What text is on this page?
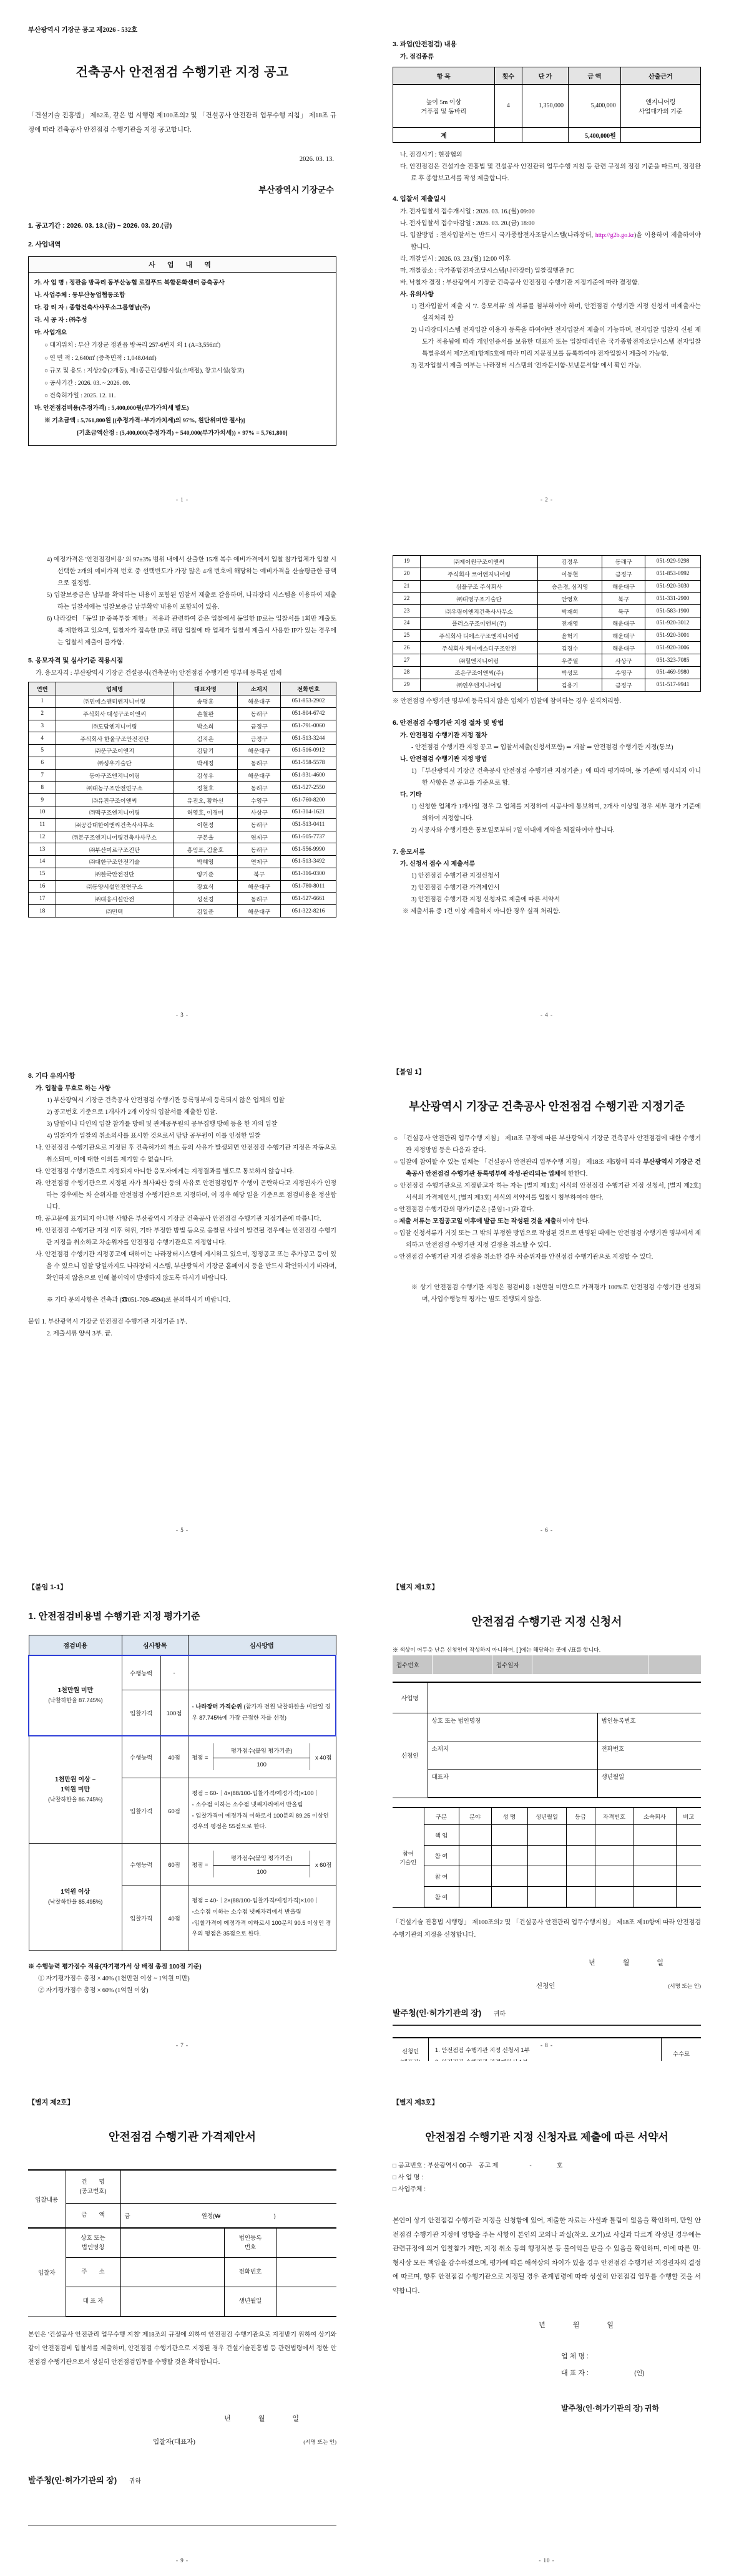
부산광역시 기장군 공고 제2026 - 532호
건축공사 안전점검 수행기관 지정 공고
「건설기술 진흥법」 제62조, 같은 법 시행령 제100조의2 및 「건설공사 안전관리 업무수행 지침」 제18조 규정에 따라 건축공사 안전점검 수행기관을 지정 공고합니다.
2026. 03. 13.
부산광역시 기장군수
1. 공고기간 : 2026. 03. 13.(금) ~ 2026. 03. 20.(금)
2. 사업내역
사 업 내 역
가. 사 업 명 : 정관읍 방곡리 동부산농협 로컬푸드 복합문화센터 증축공사
나. 사업주체 : 동부산농업협동조합
다. 감 리 자 : 종합건축사사무소그룹영남(주)
라. 시 공 자 : ㈜추성
마. 사업개요
○ 대지위치 : 부산 기장군 정관읍 방곡리 257-6번지 외 1 (A=3,556㎡)
○ 연 면 적 : 2,640㎡ (증축면적 : 1,048.04㎡)
○ 규모 및 용도 : 지상2층(2개동), 제1종근린생활시설(소매점), 창고시설(창고)
○ 공사기간 : 2026. 03. ~ 2026. 09.
○ 건축허가일 : 2025. 12. 11.
바. 안전점검비용(추정가격) : 5,400,000원(부가가치세 별도)
※ 기초금액 : 5,761,800원 [(추정가격+부가가치세)의 97%, 원단위미만 절사)]
[기초금액산정 : (5,400,000(추정가격) + 540,000(부가가치세)) × 97% = 5,761,800]
- 1 -
3. 과업(안전점검) 내용
가. 점검종류
항 목	횟수	단 가	금 액	산출근거

높이 5m 이상
거푸집 및 동바리
	4	1,350,000	5,400,000	엔지니어링
사업대가의 기준

계			5,400,000원	
나. 점검시기 : 현장협의
다. 안전점검은 건설기술 진흥법 및 건설공사 안전관리 업무수행 지침 등 관련 규정의 점검 기준을 따르며, 점검완료 후 종합보고서를 작성 제출합니다.
4. 입찰서 제출일시
가. 전자입찰서 접수개시일 : 2026. 03. 16.(월) 09:00
나. 전자입찰서 접수마감일 : 2026. 03. 20.(금) 18:00
다. 입찰방법 : 전자입찰서는 반드시 국가종합전자조달시스템(나라장터, http://g2b.go.kr)을 이용하여 제출하여야 합니다.
라. 개찰일시 : 2026. 03. 23.(월) 12:00 이후
마. 개찰장소 : 국가종합전자조달시스템(나라장터) 입찰집행관 PC
바. 낙찰자 결정 : 부산광역시 기장군 건축공사 안전점검 수행기관 지정기준에 따라 결정함.
사. 유의사항
1) 전자입찰서 제출 시 '7. 응모서류' 의 서류를 첨부하여야 하며, 안전점검 수행기관 지정 신청서 미제출자는 실격처리 함
2) 나라장터시스템 전자입찰 이용자 등록을 하여야만 전자입찰서 제출이 가능하며, 전자입찰 입찰자 신원 제도가 적용됨에 따라 개인인증서를 보유한 대표자 또는 입찰대리인은 국가종합전자조달시스템 전자입찰특별유의서 제7조제1항제5호에 따라 미리 지문정보를 등록하여야 전자입찰서 제출이 가능함.
3) 전자입찰서 제출 여부는 나라장터 시스템의 '전자문서함-보낸문서함' 에서 확인 가능.
- 2 -
4) 예정가격은 '안전점검비용' 의 97±3% 범위 내에서 산출한 15개 복수 예비가격에서 입찰 참가업체가 입찰 시 선택한 2개의 예비가격 번호 중 선택빈도가 가장 많은 4개 번호에 해당하는 예비가격을 산술평균한 금액으로 결정됨.
5) 입찰보증금은 납부를 확약하는 내용이 포함된 입찰서 제출로 갈음하며, 나라장터 시스템을 이용하여 제출하는 입찰서에는 입찰보증금 납부확약 내용이 포함되어 있음.
6) 나라장터 「동일 IP 중복투찰 제한」 적용과 관련하여 같은 입찰에서 동일한 IP로는 입찰서를 1회만 제출토록 제한하고 있으며, 입찰자가 접속한 IP로 해당 입찰에 타 업체가 입찰서 제출시 사용한 IP가 있는 경우에는 입찰서 제출이 불가함.
5. 응모자격 및 심사기준 적용시점
가. 응모자격 : 부산광역시 기장군 건설공사(건축분야) 안전점검 수행기관 명부에 등록된 업체
연번	업체명	대표자명	소재지	전화번호
1	㈜민에스앤티엔지니어링	송평훈	해운대구	051-853-2902
2	주식회사 대성구조이앤씨	손철완	동래구	051-804-6742
3	㈜도담엔지니어링	박소희	금정구	051-791-0060
4	주식회사 한울구조안전진단	김지은	금정구	051-513-3244
5	㈜문구조이엔지	김달기	해운대구	051-516-0912
6	㈜성우기술단	박세정	동래구	051-558-5578
7	동아구조엔지니어링	김성우	해운대구	051-931-4600
8	㈜대농구조안전연구소	정철호	동래구	051-527-2550
9	㈜유진구조이앤씨	유진오, 황하선	수영구	051-760-8200
10	㈜맥구조엔지니어링	허영호, 이경미	사상구	051-314-1621
11	㈜공감대한이앤씨건축사사무소	이현정	동래구	051-513-0411
12	㈜본구조엔지니어링건축사사무소	구본율	연제구	051-505-7737
13	㈜부산미르구조진단	홍임표, 김윤호	동래구	051-556-9990
14	㈜대한구조안전기술	박혜영	연제구	051-513-3492
15	㈜한국안전진단	양기준	북구	051-316-0300
16	㈜동양시설안전연구소	장효식	해운대구	051-780-8011
17	㈜대웅시설안전	성선경	동래구	051-527-6661
18	㈜민텍	김일준	해운대구	051-322-8216
- 3 -
19	㈜제이원구조이앤씨	김정우	동래구	051-929-9298
20	주식회사 코어엔지니어링	이동현	금정구	051-853-0992
21	심플구조 주식회사	승은경, 심지영	해운대구	051-920-3030
22	㈜대영구조기술단	안영호	북구	051-331-2900
23	㈜우림이엔지건축사사무소	박재희	북구	051-583-1900
24	플러스구조이앤씨(주)	전재영	해운대구	051-920-3012
25	주식회사 디에스구조엔지니어링	윤혁기	해운대구	051-920-3001
26	주식회사 케이에스디구조안전	김경수	해운대구	051-920-3006
27	㈜힐엔지니어링	우종열	사상구	051-323-7085
28	조은구조이앤씨(주)	박성모	수영구	051-469-9980
29	㈜연우엔지니어링	김용기	금정구	051-517-9941
※ 안전점검 수행기관 명부에 등록되지 않은 업체가 입찰에 참여하는 경우 실격처리함.
6. 안전점검 수행기관 지정 절차 및 방법
가. 안전점검 수행기관 지정 절차
- 안전점검 수행기관 지정 공고 ⇒ 입찰서제출(신청서포함) ⇒ 개찰 ⇒ 안전점검 수행기관 지정(통보)
나. 안전점검 수행기관 지정 방법
1) 「부산광역시 기장군 건축공사 안전점검 수행기관 지정기준」에 따라 평가하며, 동 기준에 명시되지 아니한 사항은 본 공고를 기준으로 함.
다. 기타
1) 신청한 업체가 1개사일 경우 그 업체를 지정하여 시공사에 통보하며, 2개사 이상일 경우 세부 평가 기준에 의하여 지정합니다.
2) 시공자와 수행기관은 통보일로부터 7일 이내에 계약을 체결하여야 합니다.
7. 응모서류
가. 신청서 접수 시 제출서류
1) 안전점검 수행기관 지정신청서
2) 안전점검 수행기관 가격제안서
3) 안전점검 수행기관 지정 신청자료 제출에 따른 서약서
※ 제출서류 중 1건 이상 제출하지 아니한 경우 실격 처리함.
- 4 -
8. 기타 유의사항
가. 입찰을 무효로 하는 사항
1) 부산광역시 기장군 건축공사 안전점검 수행기관 등록명부에 등록되지 않은 업체의 입찰
2) 공고번호 기준으로 1개사가 2개 이상의 입찰서를 제출한 입찰.
3) 담합이나 타인의 입찰 참가를 방해 및 관계공무원의 공무집행 방해 등을 한 자의 입찰
4) 입찰자가 입찰의 취소의사를 표시한 것으로서 담당 공무원이 이를 인정한 입찰
나. 안전점검 수행기관으로 지정된 후 건축허가의 취소 등의 사유가 발생되면 안전점검 수행기관 지정은 자동으로 취소되며, 이에 대한 이의를 제기할 수 없습니다.
다. 안전점검 수행기관으로 지정되지 아니한 응모자에게는 지정결과를 별도로 통보하지 않습니다.
라. 안전점검 수행기관으로 지정된 자가 회사파산 등의 사유로 안전점검업무 수행이 곤란하다고 지정권자가 인정하는 경우에는 차 순위자를 안전점검 수행기관으로 지정하며, 이 경우 해당 일을 기준으로 점검비용을 정산합니다.
마. 공고문에 표기되지 아니한 사항은 부산광역시 기장군 건축공사 안전점검 수행기관 지정기준에 따릅니다.
바. 안전점검 수행기관 지정 이후 허위, 기타 부정한 방법 등으로 응찰된 사실이 발견될 경우에는 안전점검 수행기관 지정을 취소하고 차순위자를 안전점검 수행기관으로 지정합니다.
사. 안전점검 수행기관 지정공고에 대하여는 나라장터시스템에 게시하고 있으며, 정정공고 또는 추가공고 등이 있을 수 있으니 입찰 당일까지도 나라장터 시스템, 부산광역서 기장군 홈페이지 등을 반드시 확인하시기 바라며, 확인하지 않음으로 인해 불이익이 발생하지 않도록 하시기 바랍니다.
※ 기타 문의사항은 건축과 (☎051-709-4594)로 문의하시기 바랍니다.
붙임 1. 부산광역시 기장군 안전점검 수행기관 지정기준 1부.
2. 제출서류 양식 3부. 끝.
- 5 -
【붙임 1】
부산광역시 기장군 건축공사 안전점검 수행기관 지정기준
○ 「건설공사 안전관리 업무수행 지침」 제18조 규정에 따른 부산광역시 기장군 건축공사 안전점검에 대한 수행기관 지정방법 등은 다음과 같다.
○ 입찰에 참여할 수 있는 업체는 「건설공사 안전관리 업무수행 지침」 제18조 제5항에 따라 부산광역시 기장군 건축공사 안전점검 수행기관 등록명부에 작성·관리되는 업체에 한한다.
○ 안전점검 수행기관으로 지정받고자 하는 자는 [별지 제1호] 서식의 안전점검 수행기관 지정 신청서, [별지 제2호] 서식의 가격제안서, [별지 제3호] 서식의 서약서를 입찰시 첨부하여야 한다.
○ 안전점검 수행기관의 평가기준은 [붙임1-1]과 같다.
○ 제출 서류는 모집공고일 이후에 발급 또는 작성된 것을 제출하여야 한다.
○ 입찰 신청서류가 거짓 또는 그 밖의 부정한 방법으로 작성된 것으로 판명된 때에는 안전점검 수행기관 명부에서 제외하고 안전점검 수행기관 지정 결정을 취소할 수 있다.
○ 안전점검 수행기관 지정 결정을 취소한 경우 차순위자를 안전점검 수행기관으로 지정할 수 있다.
※ 상기 안전점검 수행기관 지정은 점검비용 1천만원 미만으로 가격평가 100%로 안전점검 수행기관 선정되며, 사업수행능력 평가는 별도 진행되지 않음.
- 6 -
【붙임 1-1】
1. 안전점검비용별 수행기관 지정 평가기준
점검비용	심사항목		심사방법

1천만원 미만
(낙찰하한율 87.745%)	수행능력	-	
	입찰가격	100점	◦ 나라장터 가격순위 (참가자 전원 낙찰하한율 미달일 경우 87.745%에 가장 근접한 자를 선정)

1천만원 이상 ~
1억원 미만
(낙찰하한율 86.745%)
	수행능력	40점	평점 = $\frac{\text{평가점수(붙임 평가기준)}}{100}$ x 40점

	입찰가격	60점	평점 = 60-｜4×(88/100-입찰가격/예정가격)×100｜
◦ 소수점 이하는 소수점 넷째자리에서 반올림
◦ 입찰가격이 예정가격 이하로서 100분의 89.25 이상인 경우의 평점은 55점으로 한다.

1억원 이상
(낙찰하한율 85.495%)
	수행능력	60점	평점 = $\frac{\text{평가점수(붙임 평가기준)}}{100}$ x 60점

	입찰가격	40점	평점 = 40-｜2×(88/100-입찰가격/예정가격)×100｜
◦소수점 이하는 소수점 넷째자리에서 반올림
◦입찰가격이 예정가격 이하로서 100분의 90.5 이상인 경우의 평점은 35점으로 한다.
※ 수행능력 평가점수 적용(자기평가서 상 배점 총점 100점 기준)
① 자기평가점수 총점 × 40% (1천만원 이상 ~ 1억원 미만)
② 자기평가점수 총점 × 60% (1억원 이상)
- 7 -
【별지 제1호】
안전점검 수행기관 지정 신청서
※ 색상이 어두운 난은 신청인이 작성하지 아니하며, [ ]에는 해당하는 곳에 √표를 합니다.
접수번호	접수일자
사업명		
신청인	상호 또는 법인명칭	법인등록번호
	소재지	전화번호
	대표자	생년월일
참여
기술인	구분	분야	성 명	생년월일	등급	자격번호	소속회사	비고
	책 임							
	참 여							
	참 여							
	참 여							
「건설기술 진흥법 시행령」 제100조의2 및 「건설공사 안전관리 업무수행지침」 제18조 제10항에 따라 안전점검 수행기관의 지정을 신청합니다.
년　　　　월　　　　일
신청인	(서명 또는 인)
발주청(인·허가기관의 장) 귀하
신청인	1. 안전점검 수행기관 지정 신청서 1부
수수료
- 8 -
【별지 제2호】
안전점검 수행기관 가격제안서
입찰내용	건　　명
(공고번호)			

	금　　액	금　　　　　　　　　　　　원정(₩　　　　　　　　　)		
입찰자	
상호 또는
법인명칭

법인등록
번호

	주　　소		전화번호	
	대 표 자		생년월일	
본인은 '건설공사 안전관리 업무수행 지침' 제18조의 규정에 의하여 안전점검 수행기관으로 지정받기 위하여 상기와 같이 안전점검비 입찰서를 제출하며, 안전점검 수행기관으로 지정된 경우 건설기술진흥법 등 관련법령에서 정한 안전점검 수행기관으로서 성실히 안전점검업무를 수행할 것을 확약합니다.
년　　　　월　　　　일
입찰자(대표자)	(서명 또는 인)
발주청(인·허가기관의 장) 귀하
- 9 -
【별지 제3호】
안전점검 수행기관 지정 신청자료 제출에 따른 서약서
□ 공고번호 : 부산광역시 00구　공고 제　　　　　-　　　　호
□ 사 업 명 :
□ 사업주체 :
본인이 상기 안전점검 수행기관 지정을 신청함에 있어, 제출한 자료는 사실과 틀림이 없음을 확인하며, 만일 안전점검 수행기관 지정에 영향을 주는 사항이 본인의 고의나 과실(착오. 오기)로 사실과 다르게 작성된 경우에는 관련규정에 의거 입찰참가 제한, 지정 취소 등의 행정처분 등 불이익을 받을 수 있음을 확인하며, 이에 따른 민·형사상 모든 책임을 감수하겠으며, 평가에 따른 해석상의 차이가 있을 경우 안전점검 수행기관 지정권자의 결정에 따르며, 향후 안전점검 수행기관으로 지정될 경우 관계법령에 따라 성실히 안전점검 업무를 수행할 것을 서약합니다.
년　　　　월　　　　일
업 체 명 :
대 표 자 :	(인)
발주청(인·허가기관의 장) 귀하
- 10 -
